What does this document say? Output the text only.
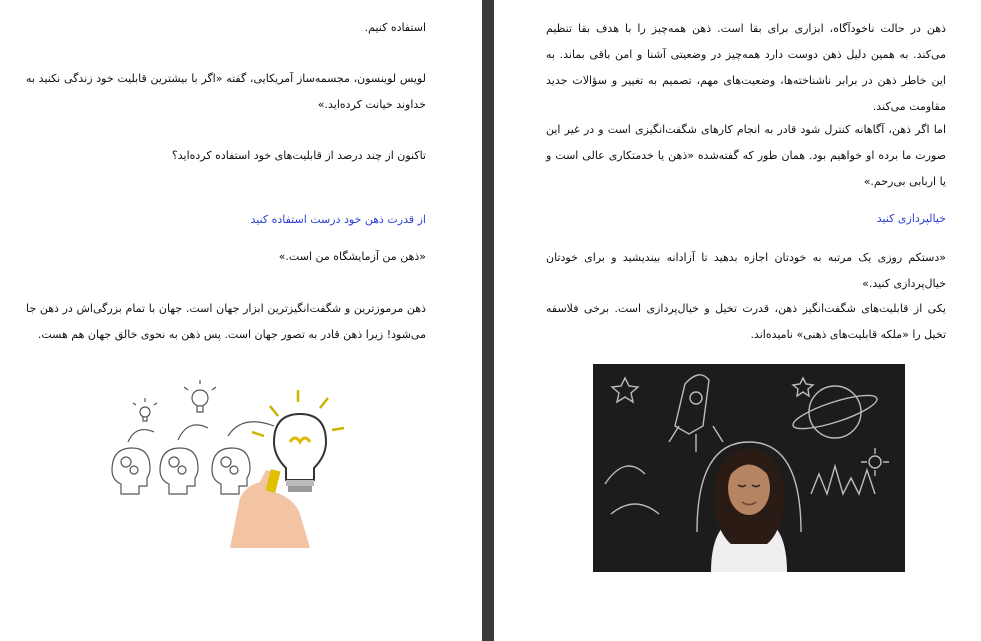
استفاده کنیم.

لویس لوینسون، مجسمه‌ساز آمریکایی، گفته «اگر با بیشترین قابلیت خود زندگی نکنید به خداوند خیانت کرده‌اید.»

تاکنون از چند درصد از قابلیت‌های خود استفاده کرده‌اید؟

از قدرت ذهن خود درست استفاده کنید

«ذهن من آزمایشگاه من است.»

ذهن مرموزترین و شگفت‌انگیزترین ابزار جهان است. جهان با تمام بزرگی‌اش در ذهن جا می‌شود! زیرا ذهن قادر به تصور جهان است. پس ذهن به نحوی خالق جهان هم هست.

ذهن در حالت ناخودآگاه، ابزاری برای بقا است. ذهن همه‌چیز را با هدف بقا تنظیم می‌کند. به همین دلیل ذهن دوست دارد همه‌چیز در وضعیتی آشنا و امن باقی بماند. به این خاطر ذهن در برابر ناشناخته‌ها، وضعیت‌های مهم، تصمیم به تغییر و سؤالات جدید مقاومت می‌کند.

اما اگر ذهن، آگاهانه کنترل شود قادر به انجام کارهای شگفت‌انگیزی است و در غیر این صورت ما برده او خواهیم بود. همان طور که گفته‌شده «ذهن یا خدمتکاری عالی است و یا اربابی بی‌رحم.»

خیالپردازی کنید

«دستکم روزی یک مرتبه به خودتان اجازه بدهید تا آزادانه بیندیشید و برای خودتان خیال‌پردازی کنید.»

یکی از قابلیت‌های شگفت‌انگیز ذهن، قدرت تخیل و خیال‌پردازی است. برخی فلاسفه تخیل را «ملکه قابلیت‌های ذهنی» نامیده‌اند.
